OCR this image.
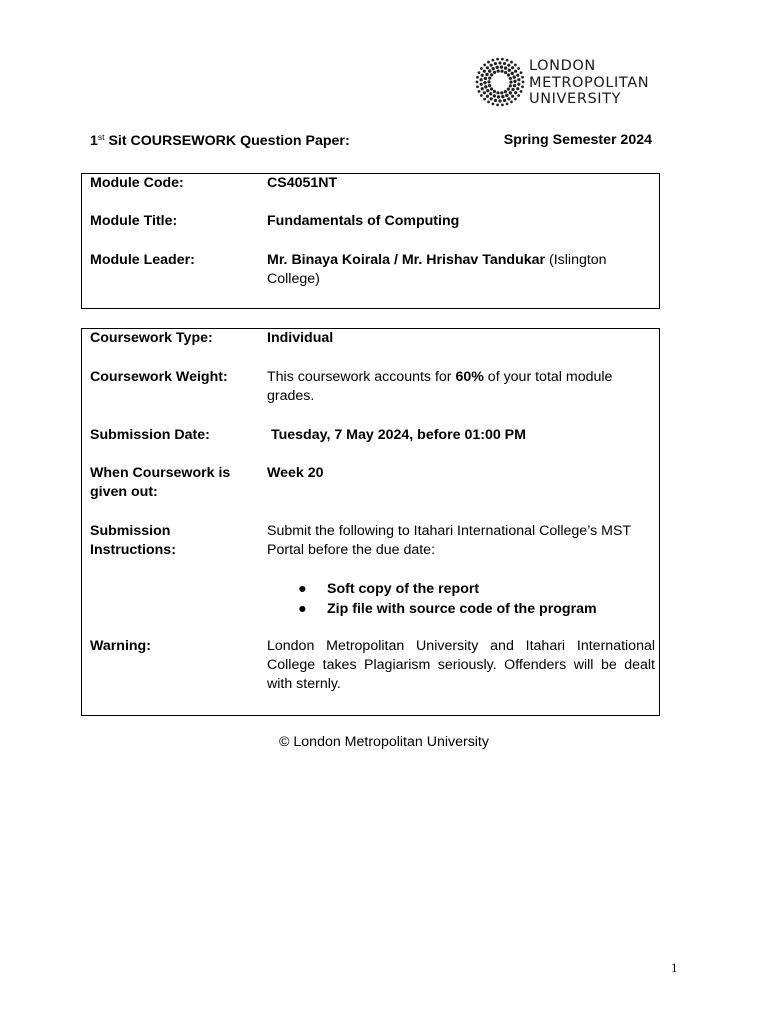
LONDON
METROPOLITAN
UNIVERSITY
1st Sit COURSEWORK Question Paper:	Spring Semester 2024
Module Code:	CS4051NT
Module Title:	Fundamentals of Computing
Module Leader:	Mr. Binaya Koirala / Mr. Hrishav Tandukar (Islington College)
Coursework Type:	Individual
Coursework Weight:	This coursework accounts for 60% of your total module grades.
Submission Date:	Tuesday, 7 May 2024, before 01:00 PM
When Coursework is given out:
Week 20
Submission Instructions:
Submit the following to Itahari International College’s MST Portal before the due date:
● Soft copy of the report
● Zip file with source code of the program
Warning:	London Metropolitan University and Itahari International College takes Plagiarism seriously. Offenders will be dealt with sternly.
© London Metropolitan University
1
